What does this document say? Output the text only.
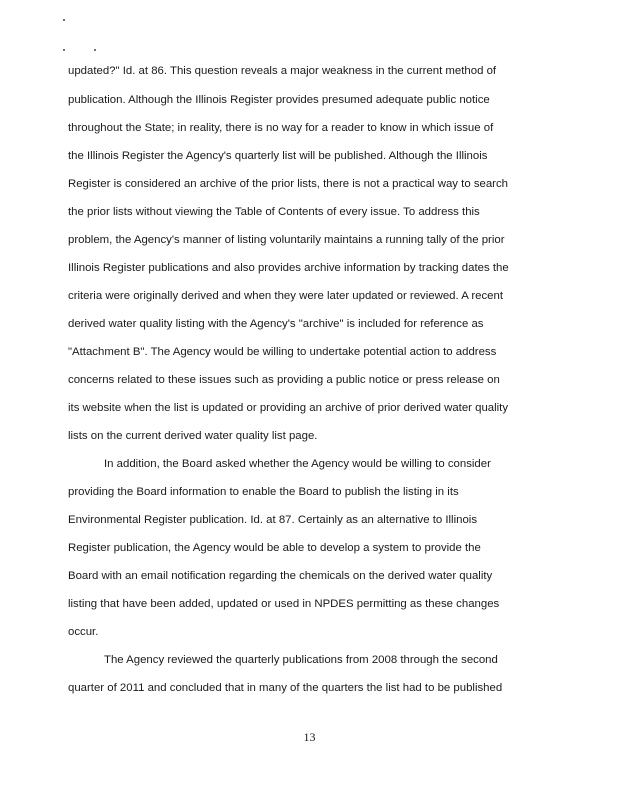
updated?" Id. at 86. This question reveals a major weakness in the current method of
publication. Although the Illinois Register provides presumed adequate public notice
throughout the State; in reality, there is no way for a reader to know in which issue of
the Illinois Register the Agency's quarterly list will be published. Although the Illinois
Register is considered an archive of the prior lists, there is not a practical way to search
the prior lists without viewing the Table of Contents of every issue. To address this
problem, the Agency's manner of listing voluntarily maintains a running tally of the prior
Illinois Register publications and also provides archive information by tracking dates the
criteria were originally derived and when they were later updated or reviewed. A recent
derived water quality listing with the Agency's "archive" is included for reference as
"Attachment B". The Agency would be willing to undertake potential action to address
concerns related to these issues such as providing a public notice or press release on
its website when the list is updated or providing an archive of prior derived water quality
lists on the current derived water quality list page.
In addition, the Board asked whether the Agency would be willing to consider
providing the Board information to enable the Board to publish the listing in its
Environmental Register publication. Id. at 87. Certainly as an alternative to Illinois
Register publication, the Agency would be able to develop a system to provide the
Board with an email notification regarding the chemicals on the derived water quality
listing that have been added, updated or used in NPDES permitting as these changes
occur.
The Agency reviewed the quarterly publications from 2008 through the second
quarter of 2011 and concluded that in many of the quarters the list had to be published
13
